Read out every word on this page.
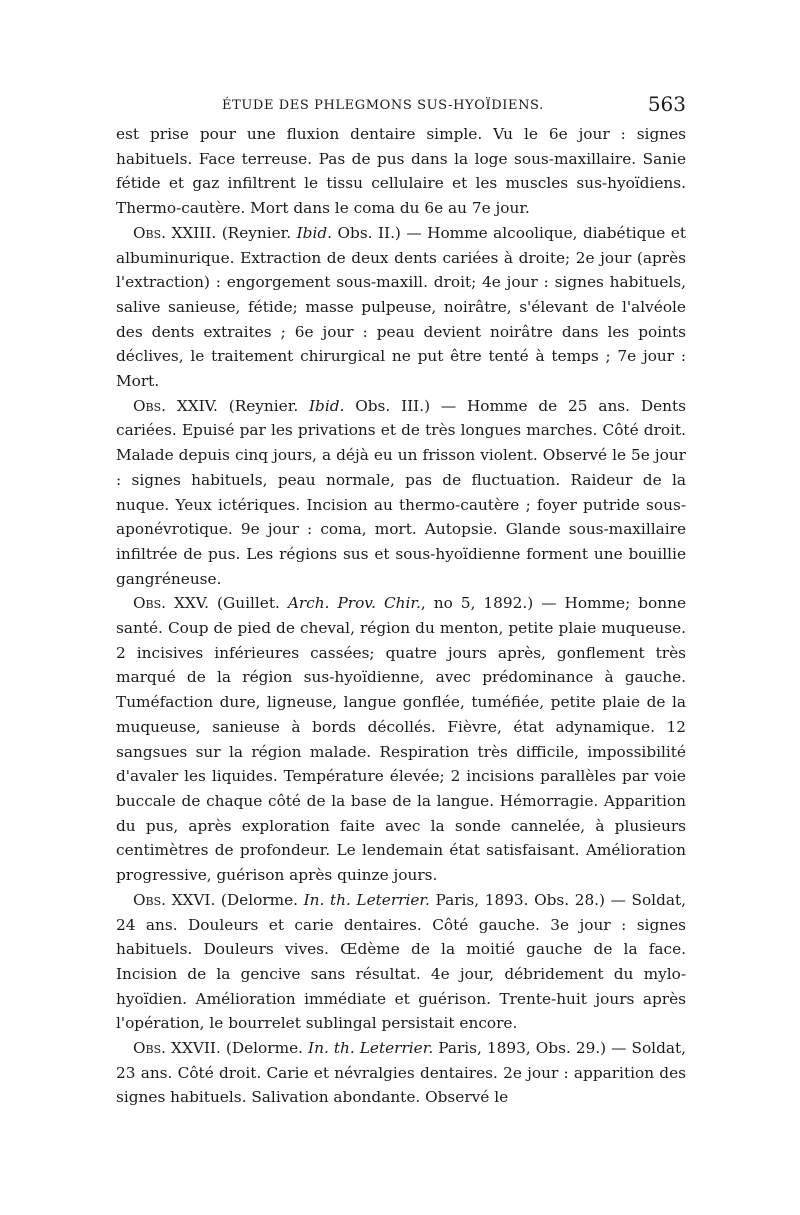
ÉTUDE DES PHLEGMONS SUS-HYOÏDIENS.	563

est prise pour une fluxion dentaire simple. Vu le 6e jour : signes habituels. Face terreuse. Pas de pus dans la loge sous-maxillaire. Sanie fétide et gaz infiltrent le tissu cellulaire et les muscles sus-hyoïdiens. Thermo-cautère. Mort dans le coma du 6e au 7e jour.

Obs. XXIII. (Reynier. Ibid. Obs. II.) — Homme alcoolique, diabétique et albuminurique. Extraction de deux dents cariées à droite; 2e jour (après l'extraction) : engorgement sous-maxill. droit; 4e jour : signes habituels, salive sanieuse, fétide; masse pulpeuse, noirâtre, s'élevant de l'alvéole des dents extraites ; 6e jour : peau devient noirâtre dans les points déclives, le traitement chirurgical ne put être tenté à temps ; 7e jour : Mort.

Obs. XXIV. (Reynier. Ibid. Obs. III.) — Homme de 25 ans. Dents cariées. Epuisé par les privations et de très longues marches. Côté droit. Malade depuis cinq jours, a déjà eu un frisson violent. Observé le 5e jour : signes habituels, peau normale, pas de fluctuation. Raideur de la nuque. Yeux ictériques. Incision au thermo-cautère ; foyer putride sous-aponévrotique. 9e jour : coma, mort. Autopsie. Glande sous-maxillaire infiltrée de pus. Les régions sus et sous-hyoïdienne forment une bouillie gangréneuse.

Obs. XXV. (Guillet. Arch. Prov. Chir., no 5, 1892.) — Homme; bonne santé. Coup de pied de cheval, région du menton, petite plaie muqueuse. 2 incisives inférieures cassées; quatre jours après, gonflement très marqué de la région sus-hyoïdienne, avec prédominance à gauche. Tuméfaction dure, ligneuse, langue gonflée, tuméfiée, petite plaie de la muqueuse, sanieuse à bords décollés. Fièvre, état adynamique. 12 sangsues sur la région malade. Respiration très difficile, impossibilité d'avaler les liquides. Température élevée; 2 incisions parallèles par voie buccale de chaque côté de la base de la langue. Hémorragie. Apparition du pus, après exploration faite avec la sonde cannelée, à plusieurs centimètres de profondeur. Le lendemain état satisfaisant. Amélioration progressive, guérison après quinze jours.

Obs. XXVI. (Delorme. In. th. Leterrier. Paris, 1893. Obs. 28.) — Soldat, 24 ans. Douleurs et carie dentaires. Côté gauche. 3e jour : signes habituels. Douleurs vives. Œdème de la moitié gauche de la face. Incision de la gencive sans résultat. 4e jour, débridement du mylo-hyoïdien. Amélioration immédiate et guérison. Trente-huit jours après l'opération, le bourrelet sublingal persistait encore.

Obs. XXVII. (Delorme. In. th. Leterrier. Paris, 1893, Obs. 29.) — Soldat, 23 ans. Côté droit. Carie et névralgies dentaires. 2e jour : apparition des signes habituels. Salivation abondante. Observé le
